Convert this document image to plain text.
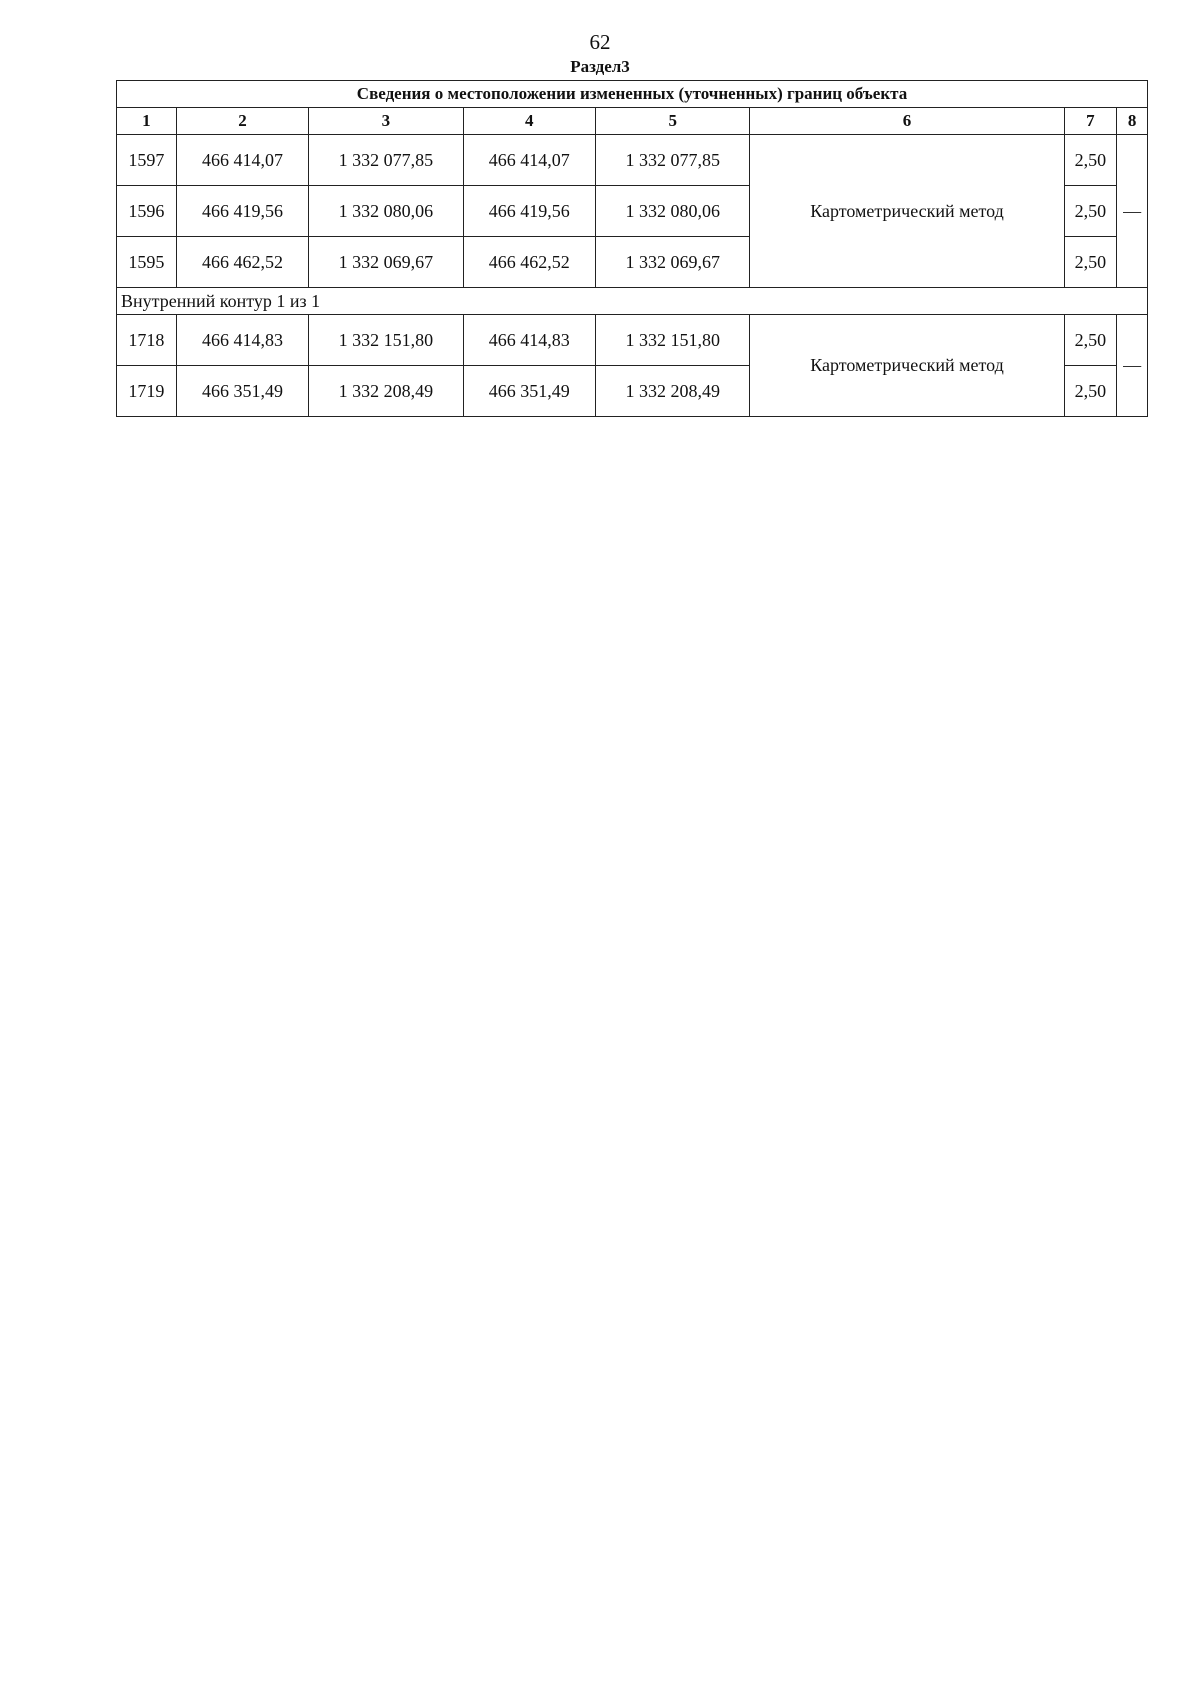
62
Раздел3
Сведения о местоположении измененных (уточненных) границ объекта							
1	2	3	4	5	6	7	8
1597	466 414,07	1 332 077,85	466 414,07	1 332 077,85	Картометрический метод	2,50	—
1596	466 419,56	1 332 080,06	466 419,56	1 332 080,06		2,50	
1595	466 462,52	1 332 069,67	466 462,52	1 332 069,67		2,50	
Внутренний контур 1 из 1							
1718	466 414,83	1 332 151,80	466 414,83	1 332 151,80	Картометрический метод	2,50	—
1719	466 351,49	1 332 208,49	466 351,49	1 332 208,49		2,50	
